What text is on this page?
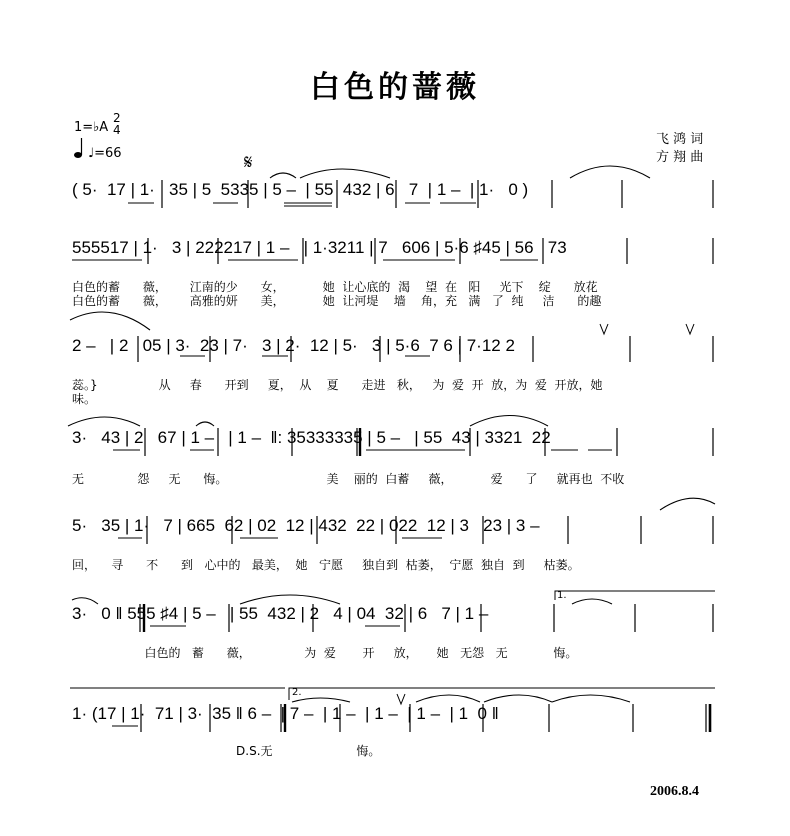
白色的蔷薇
1=♭A
2
4
♩=66
飞 鸿 词
方 翔 曲
𝄋
( 5·  17 | 1·   35 | 5  5335 | 5 –  | 55  432 | 6   7  | 1 –  | 1·   0 )
555517 | 1·   3 | 222217 | 1 –   | 1·3211 | 7   606 | 5·6 ♯45 | 56   73
白色的蓄      薇，      江南的少      女，          她  让心底的  渴    望  在   阳     光下    绽      放花
白色的蓄      薇，      高雅的妍      美，          她  让河堤    墙    角，充   满   了  纯     洁      的趣
2 –   | 2   05 | 3·  23 | 7·   3 | 2·  12 | 5·   3 | 5·6  7 6 | 7·12 2
蕊。}                从     春      开到     夏，  从    夏      走进   秋，   为  爱  开  放，为  爱  开放，她
味。
3·   43 | 2   67 | 1 –   | 1 –  ‖: 35333335 | 5 –   | 55  43 | 3321  22
无              怨     无      悔。                          美    丽的  白蓄     薇，          爱      了     就再也  不收
5·   35 | 1·   7 | 665  62 | 02  12 | 432  22 | 022  12 | 3   23 | 3 –
回，    寻      不      到   心中的   最美，  她   宁愿     独自到  枯萎，  宁愿  独自  到     枯萎。
1.
3·   0 ‖ 555 ♯4 | 5 –   | 55  432 | 2   4 | 04  32 | 6   7 | 1 –
白色的   蓄      薇，              为  爱       开     放，     她   无怨   无            悔。
2.
1· (17 | 1·  71 | 3·  35 ‖ 6 –  | 7 –  | 1 –  | 1 –  | 1 –  | 1  0 ‖
D.S.无                      悔。
2006.8.4
